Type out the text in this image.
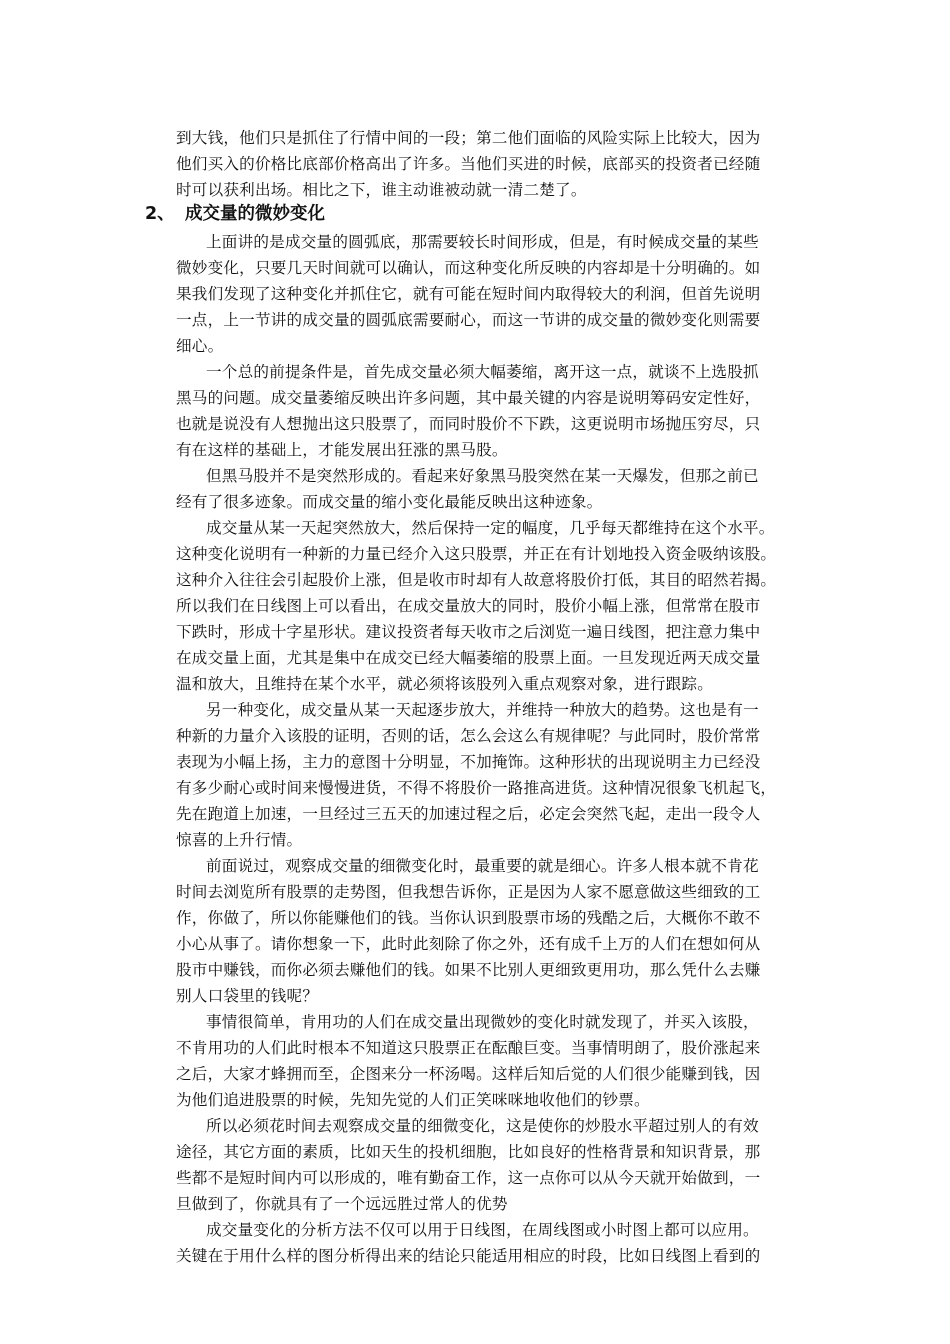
到大钱，他们只是抓住了行情中间的一段；第二他们面临的风险实际上比较大，因为
他们买入的价格比底部价格高出了许多。当他们买进的时候，底部买的投资者已经随
时可以获利出场。相比之下，谁主动谁被动就一清二楚了。
2、 成交量的微妙变化
上面讲的是成交量的圆弧底，那需要较长时间形成，但是，有时候成交量的某些
微妙变化，只要几天时间就可以确认，而这种变化所反映的内容却是十分明确的。如
果我们发现了这种变化并抓住它，就有可能在短时间内取得较大的利润，但首先说明
一点，上一节讲的成交量的圆弧底需要耐心，而这一节讲的成交量的微妙变化则需要
细心。
一个总的前提条件是，首先成交量必须大幅萎缩，离开这一点，就谈不上选股抓
黑马的问题。成交量萎缩反映出许多问题，其中最关键的内容是说明筹码安定性好，
也就是说没有人想抛出这只股票了，而同时股价不下跌，这更说明市场抛压穷尽，只
有在这样的基础上，才能发展出狂涨的黑马股。
但黑马股并不是突然形成的。看起来好象黑马股突然在某一天爆发，但那之前已
经有了很多迹象。而成交量的缩小变化最能反映出这种迹象。
成交量从某一天起突然放大，然后保持一定的幅度，几乎每天都维持在这个水平。
这种变化说明有一种新的力量已经介入这只股票，并正在有计划地投入资金吸纳该股。
这种介入往往会引起股价上涨，但是收市时却有人故意将股价打低，其目的昭然若揭。
所以我们在日线图上可以看出，在成交量放大的同时，股价小幅上涨，但常常在股市
下跌时，形成十字星形状。建议投资者每天收市之后浏览一遍日线图，把注意力集中
在成交量上面，尤其是集中在成交已经大幅萎缩的股票上面。一旦发现近两天成交量
温和放大，且维持在某个水平，就必须将该股列入重点观察对象，进行跟踪。
另一种变化，成交量从某一天起逐步放大，并维持一种放大的趋势。这也是有一
种新的力量介入该股的证明，否则的话，怎么会这么有规律呢？与此同时，股价常常
表现为小幅上扬，主力的意图十分明显，不加掩饰。这种形状的出现说明主力已经没
有多少耐心或时间来慢慢进货，不得不将股价一路推高进货。这种情况很象飞机起飞，
先在跑道上加速，一旦经过三五天的加速过程之后，必定会突然飞起，走出一段令人
惊喜的上升行情。
前面说过，观察成交量的细微变化时，最重要的就是细心。许多人根本就不肯花
时间去浏览所有股票的走势图，但我想告诉你，正是因为人家不愿意做这些细致的工
作，你做了，所以你能赚他们的钱。当你认识到股票市场的残酷之后，大概你不敢不
小心从事了。请你想象一下，此时此刻除了你之外，还有成千上万的人们在想如何从
股市中赚钱，而你必须去赚他们的钱。如果不比别人更细致更用功，那么凭什么去赚
别人口袋里的钱呢？
事情很简单，肯用功的人们在成交量出现微妙的变化时就发现了，并买入该股，
不肯用功的人们此时根本不知道这只股票正在酝酿巨变。当事情明朗了，股价涨起来
之后，大家才蜂拥而至，企图来分一杯汤喝。这样后知后觉的人们很少能赚到钱，因
为他们追进股票的时候，先知先觉的人们正笑咪咪地收他们的钞票。
所以必须花时间去观察成交量的细微变化，这是使你的炒股水平超过别人的有效
途径，其它方面的素质，比如天生的投机细胞，比如良好的性格背景和知识背景，那
些都不是短时间内可以形成的，唯有勤奋工作，这一点你可以从今天就开始做到，一
旦做到了，你就具有了一个远远胜过常人的优势
成交量变化的分析方法不仅可以用于日线图，在周线图或小时图上都可以应用。
关键在于用什么样的图分析得出来的结论只能适用相应的时段，比如日线图上看到的
